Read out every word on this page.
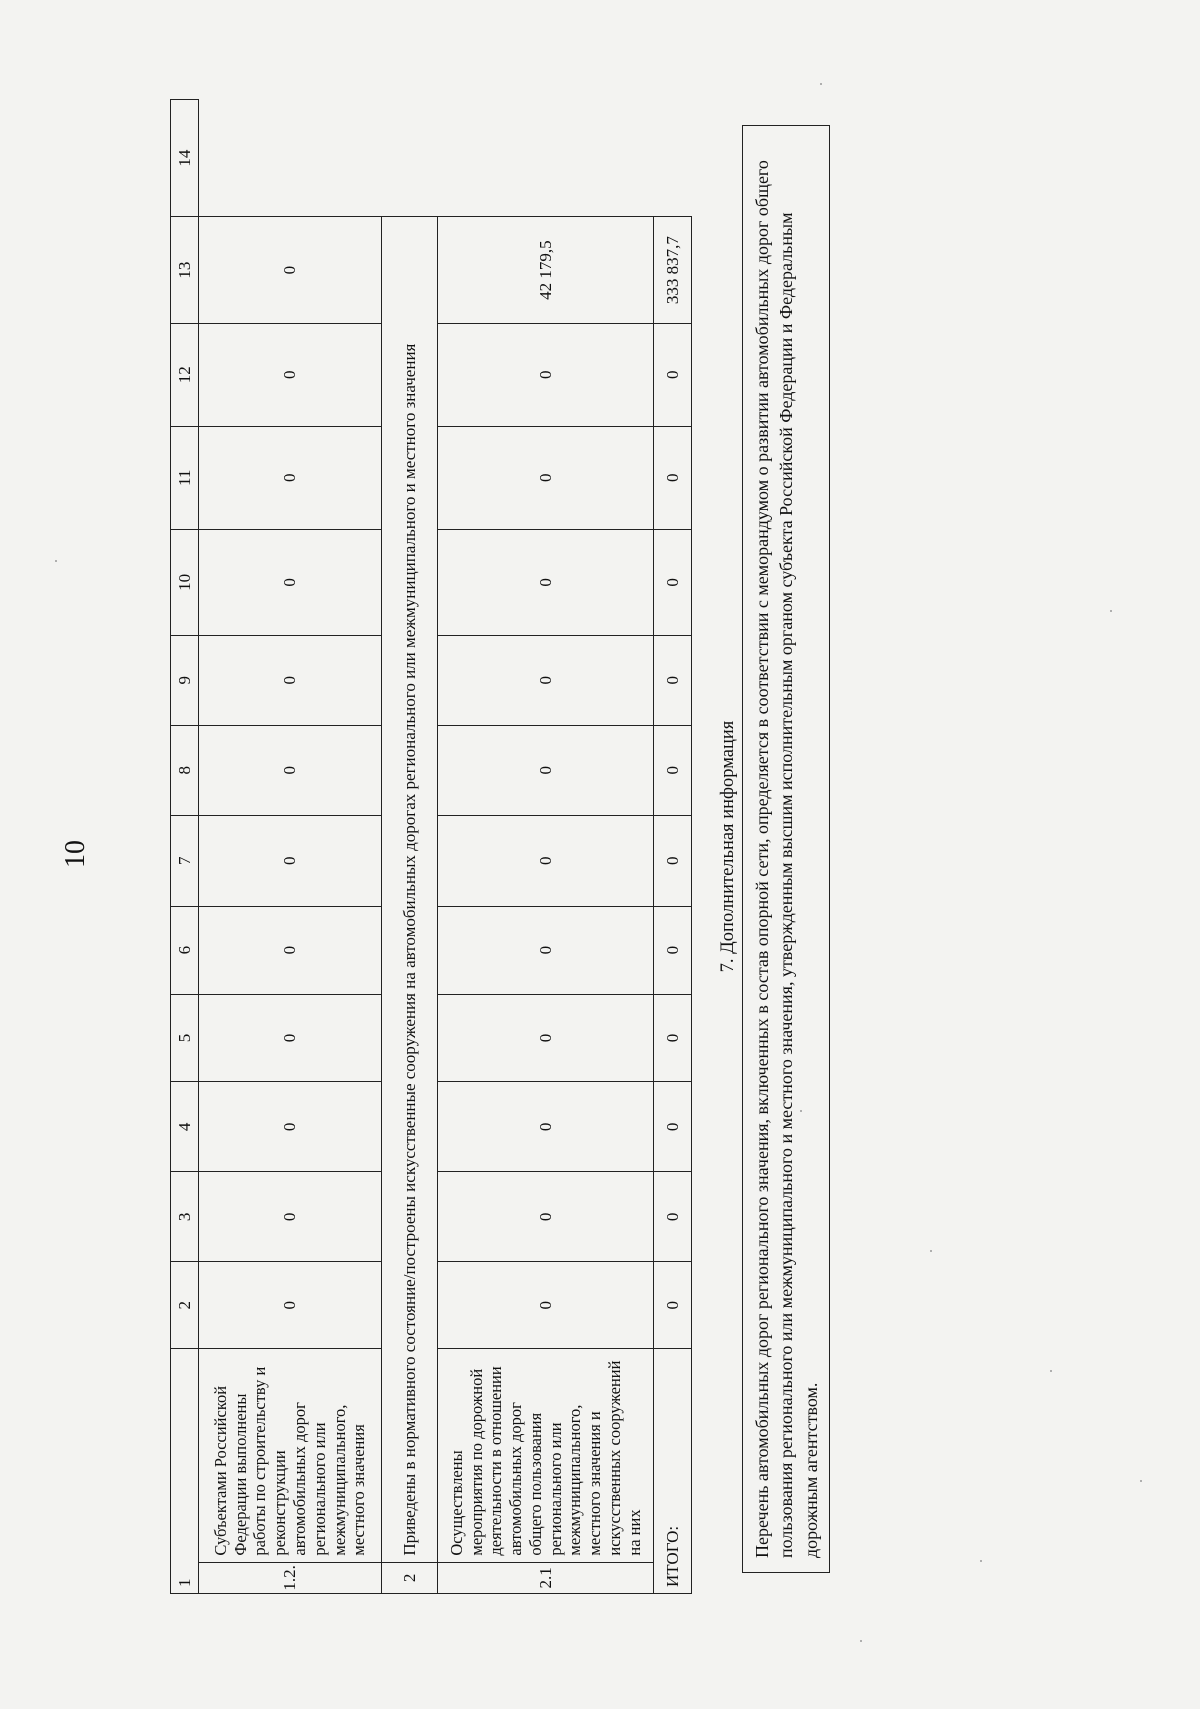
10
1		2	3	4	5	6	7	8	9	10	11	12	13	14
1.2.	Субъектами Российской Федерации выполнены работы по строительству и реконструкции автомобильных дорог регионального или межмуниципального, местного значения	0	0	0	0	0	0	0	0	0	0	0	0	
2	Приведены в нормативного состояние/построены искусственные сооружения на автомобильных дорогах регионального или межмуниципального и местного значения													
2.1	Осуществлены мероприятия по дорожной деятельности в отношении автомобильных дорог общего пользования регионального или межмуниципального, местного значения и искусственных сооружений на них	0	0	0	0	0	0	0	0	0	0	0	42 179,5	
ИТОГО:		0	0	0	0	0	0	0	0	0	0	0	333 837,7	
7. Дополнительная информация Перечень автомобильных дорог регионального значения, включенных в состав опорной сети, определяется в соответствии с меморандумом о развитии автомобильных дорог общего пользования регионального или межмуниципального и местного значения, утвержденным высшим исполнительным органом субъекта Российской Федерации и Федеральным дорожным агентством.
